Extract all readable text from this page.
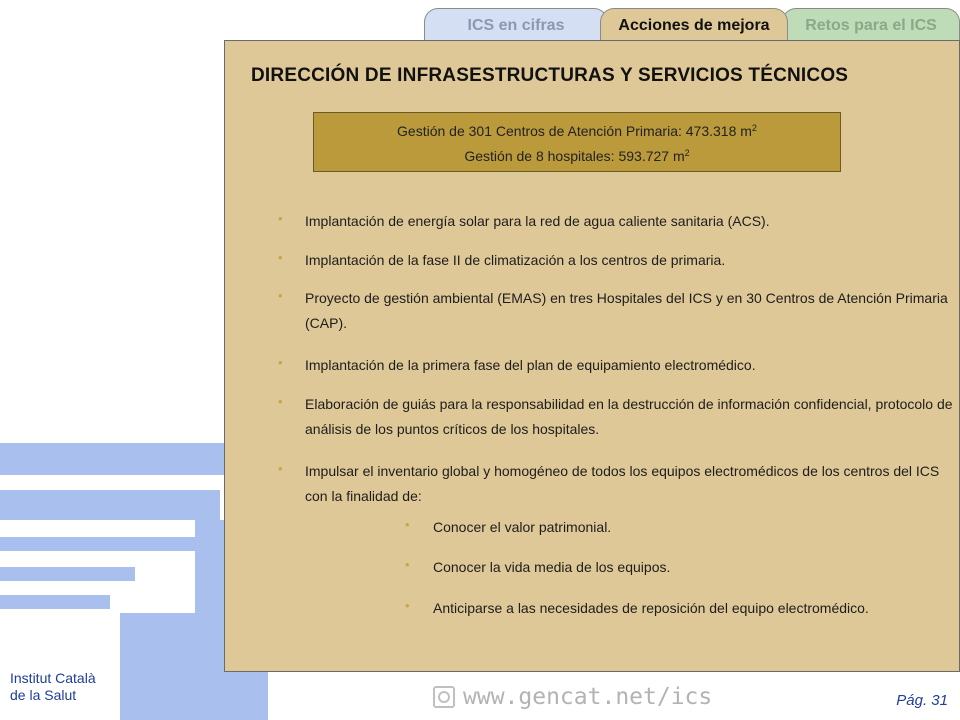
ICS en cifras	Acciones de mejora	Retos para el ICS
DIRECCIÓN DE INFRASESTRUCTURAS Y SERVICIOS TÉCNICOS
Gestión de 301 Centros de Atención Primaria: 473.318 $m^2$
Gestión de 8 hospitales: 593.727 $m^2$
• Implantación de energía solar para la red de agua caliente sanitaria (ACS).
• Implantación de la fase II de climatización a los centros de primaria.
• Proyecto de gestión ambiental (EMAS) en tres Hospitales del ICS y en 30 Centros de Atención Primaria (CAP).
• Implantación de la primera fase del plan de equipamiento electromédico.
• Elaboración de guiás para la responsabilidad en la destrucción de información confidencial, protocolo de análisis de los puntos críticos de los hospitales.
• Impulsar el inventario global y homogéneo de todos los equipos electromédicos de los centros del ICS con la finalidad de:
• Conocer el valor patrimonial.
• Conocer la vida media de los equipos.
• Anticiparse a las necesidades de reposición del equipo electromédico.
Institut Català
de la Salut	www.gencat.net/ics	Pág. 31
